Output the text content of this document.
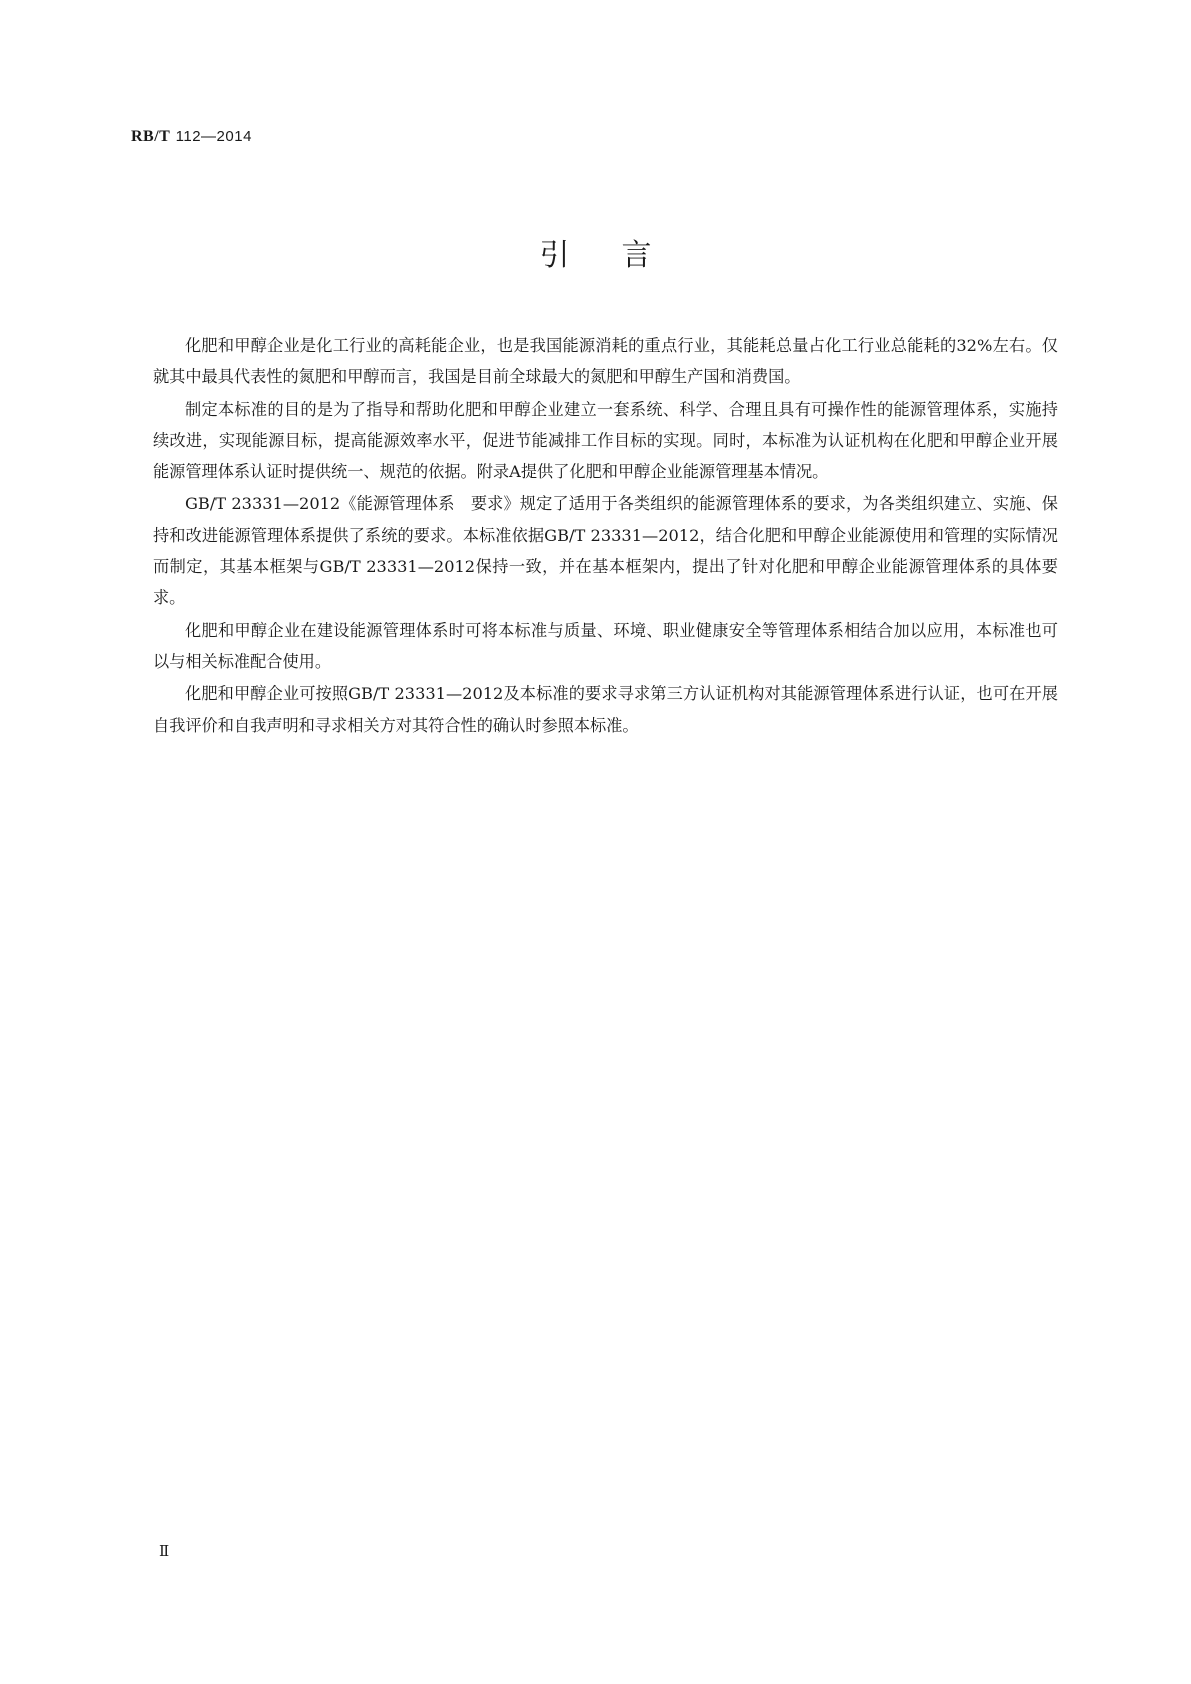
RB/T 112—2014
引言

化肥和甲醇企业是化工行业的高耗能企业，也是我国能源消耗的重点行业，其能耗总量占化工行业总能耗的32%左右。仅就其中最具代表性的氮肥和甲醇而言，我国是目前全球最大的氮肥和甲醇生产国和消费国。

制定本标准的目的是为了指导和帮助化肥和甲醇企业建立一套系统、科学、合理且具有可操作性的能源管理体系，实施持续改进，实现能源目标，提高能源效率水平，促进节能减排工作目标的实现。同时，本标准为认证机构在化肥和甲醇企业开展能源管理体系认证时提供统一、规范的依据。附录A提供了化肥和甲醇企业能源管理基本情况。

GB/T 23331—2012《能源管理体系　要求》规定了适用于各类组织的能源管理体系的要求，为各类组织建立、实施、保持和改进能源管理体系提供了系统的要求。本标准依据GB/T 23331—2012，结合化肥和甲醇企业能源使用和管理的实际情况而制定，其基本框架与GB/T 23331—2012保持一致，并在基本框架内，提出了针对化肥和甲醇企业能源管理体系的具体要求。

化肥和甲醇企业在建设能源管理体系时可将本标准与质量、环境、职业健康安全等管理体系相结合加以应用，本标准也可以与相关标准配合使用。

化肥和甲醇企业可按照GB/T 23331—2012及本标准的要求寻求第三方认证机构对其能源管理体系进行认证，也可在开展自我评价和自我声明和寻求相关方对其符合性的确认时参照本标准。

Ⅱ
